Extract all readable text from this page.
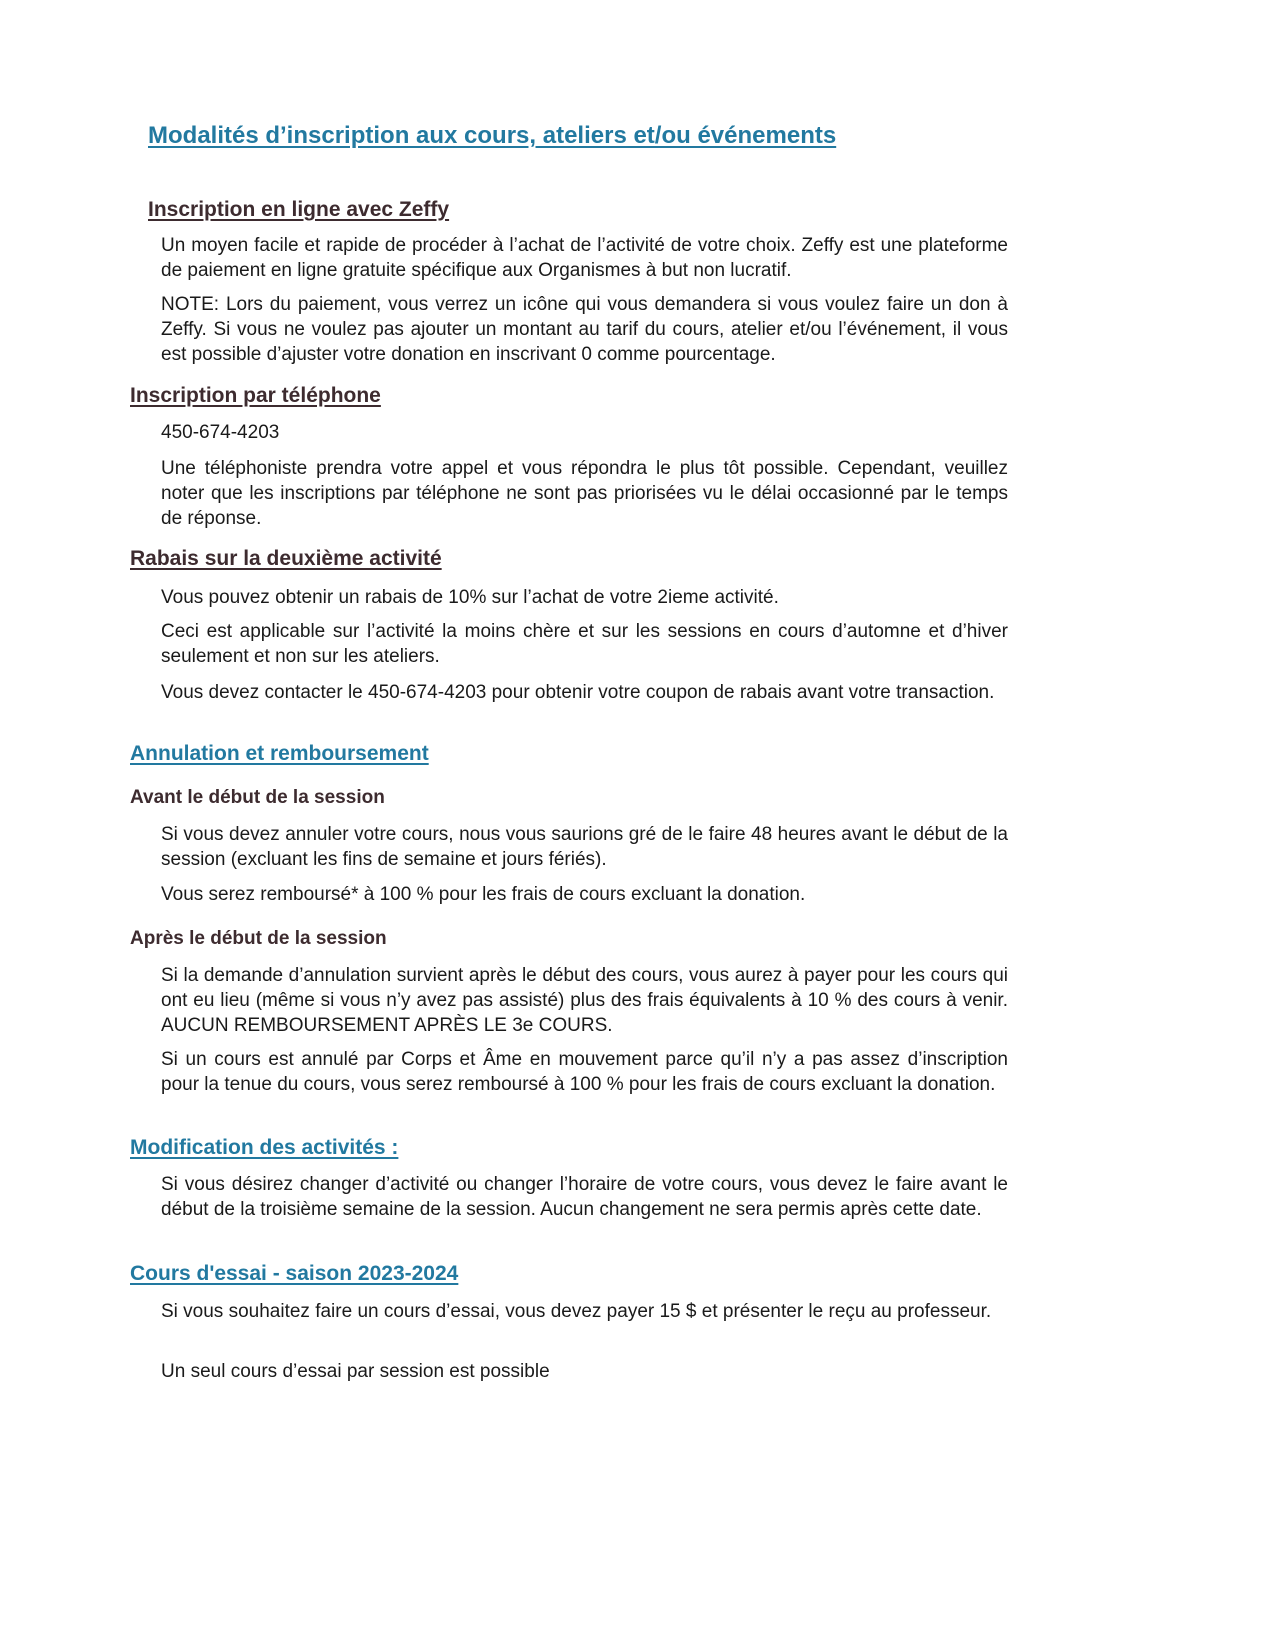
Modalités d’inscription aux cours, ateliers et/ou événements
Inscription en ligne avec Zeffy
Un moyen facile et rapide de procéder à l’achat de l’activité de votre choix. Zeffy est une plateforme de paiement en ligne gratuite spécifique aux Organismes à but non lucratif.
NOTE: Lors du paiement, vous verrez un icône qui vous demandera si vous voulez faire un don à Zeffy. Si vous ne voulez pas ajouter un montant au tarif du cours, atelier et/ou l’événement, il vous est possible d’ajuster votre donation en inscrivant 0 comme pourcentage.
Inscription par téléphone
450-674-4203
Une téléphoniste prendra votre appel et vous répondra le plus tôt possible. Cependant, veuillez noter que les inscriptions par téléphone ne sont pas priorisées vu le délai occasionné par le temps de réponse.
Rabais sur la deuxième activité
Vous pouvez obtenir un rabais de 10% sur l’achat de votre 2ieme activité.
Ceci est applicable sur l’activité la moins chère et sur les sessions en cours d’automne et d’hiver seulement et non sur les ateliers.
Vous devez contacter le 450-674-4203 pour obtenir votre coupon de rabais avant votre transaction.
Annulation et remboursement
Avant le début de la session
Si vous devez annuler votre cours, nous vous saurions gré de le faire 48 heures avant le début de la session (excluant les fins de semaine et jours fériés).
Vous serez remboursé* à 100 % pour les frais de cours excluant la donation.
Après le début de la session
Si la demande d’annulation survient après le début des cours, vous aurez à payer pour les cours qui ont eu lieu (même si vous n’y avez pas assisté) plus des frais équivalents à 10 % des cours à venir. AUCUN REMBOURSEMENT APRÈS LE 3e COURS.
Si un cours est annulé par Corps et Âme en mouvement parce qu’il n’y a pas assez d’inscription pour la tenue du cours, vous serez remboursé à 100 % pour les frais de cours excluant la donation.
Modification des activités :
Si vous désirez changer d’activité ou changer l’horaire de votre cours, vous devez le faire avant le début de la troisième semaine de la session. Aucun changement ne sera permis après cette date.
Cours d'essai - saison 2023-2024
Si vous souhaitez faire un cours d’essai, vous devez payer 15 $ et présenter le reçu au professeur.
Un seul cours d’essai par session est possible
